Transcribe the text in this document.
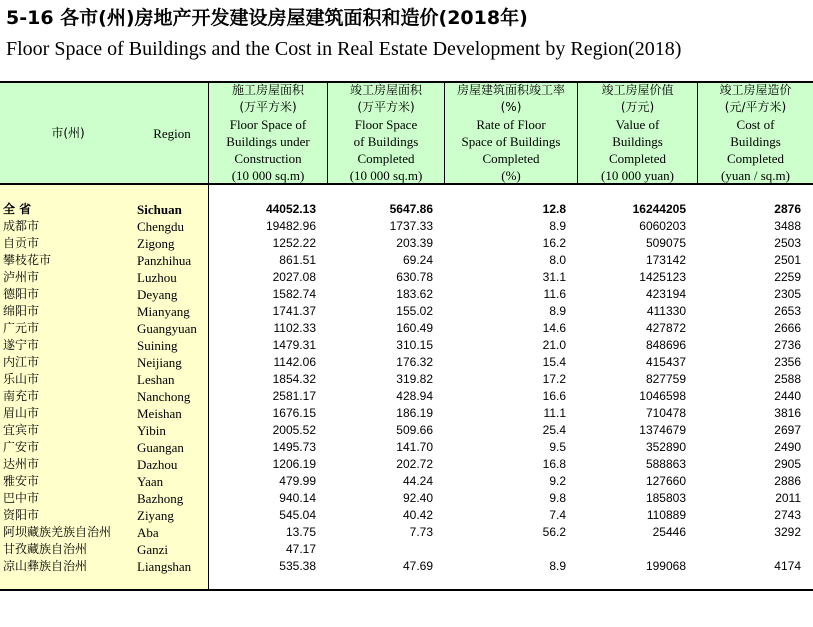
5-16 各市(州)房地产开发建设房屋建筑面积和造价(2018年)
Floor Space of Buildings and the Cost in Real Estate Development by Region(2018)
市(州)	Region
施工房屋面积
(万平方米)
Floor Space of
Buildings under
Construction
(10 000 sq.m)
竣工房屋面积
(万平方米)
Floor Space
of Buildings
Completed
(10 000 sq.m)
房屋建筑面积竣工率
(%)
Rate of Floor
Space of Buildings
Completed
(%)
竣工房屋价值
(万元)
Value of
Buildings
Completed
(10 000 yuan)
竣工房屋造价
(元/平方米)
Cost of
Buildings
Completed
(yuan / sq.m)
全 省	Sichuan	44052.13	5647.86	12.8	16244205	2876
成都市	Chengdu	19482.96	1737.33	8.9	6060203	3488
自贡市	Zigong	1252.22	203.39	16.2	509075	2503
攀枝花市	Panzhihua	861.51	69.24	8.0	173142	2501
泸州市	Luzhou	2027.08	630.78	31.1	1425123	2259
德阳市	Deyang	1582.74	183.62	11.6	423194	2305
绵阳市	Mianyang	1741.37	155.02	8.9	411330	2653
广元市	Guangyuan	1102.33	160.49	14.6	427872	2666
遂宁市	Suining	1479.31	310.15	21.0	848696	2736
内江市	Neijiang	1142.06	176.32	15.4	415437	2356
乐山市	Leshan	1854.32	319.82	17.2	827759	2588
南充市	Nanchong	2581.17	428.94	16.6	1046598	2440
眉山市	Meishan	1676.15	186.19	11.1	710478	3816
宜宾市	Yibin	2005.52	509.66	25.4	1374679	2697
广安市	Guangan	1495.73	141.70	9.5	352890	2490
达州市	Dazhou	1206.19	202.72	16.8	588863	2905
雅安市	Yaan	479.99	44.24	9.2	127660	2886
巴中市	Bazhong	940.14	92.40	9.8	185803	2011
资阳市	Ziyang	545.04	40.42	7.4	110889	2743
阿坝藏族羌族自治州 Aba	13.75	7.73	56.2	25446	3292
甘孜藏族自治州	Ganzi	47.17
凉山彝族自治州	Liangshan	535.38	47.69	8.9	199068	4174
